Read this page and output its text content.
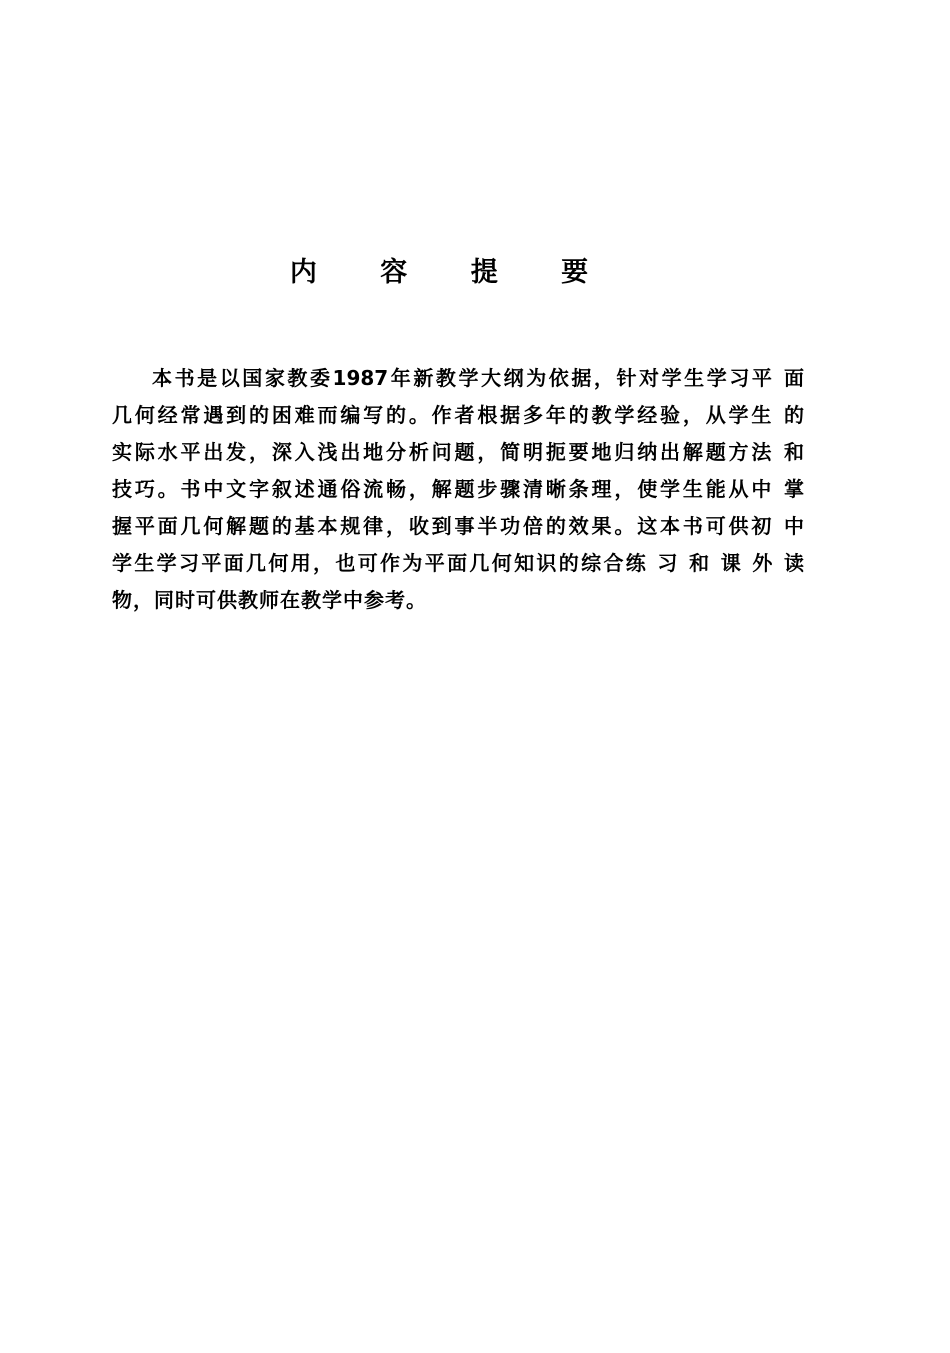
内 容 提 要
本书是以国家教委1987年新教学大纲为依据，针对学生学习平 面
几何经常遇到的困难而编写的。作者根据多年的教学经验，从学生 的
实际水平出发，深入浅出地分析问题，简明扼要地归纳出解题方法 和
技巧。书中文字叙述通俗流畅，解题步骤清晰条理，使学生能从中 掌
握平面几何解题的基本规律，收到事半功倍的效果。这本书可供初 中
学生学习平面几何用，也可作为平面几何知识的综合练 习 和 课 外 读
物，同时可供教师在教学中参考。
